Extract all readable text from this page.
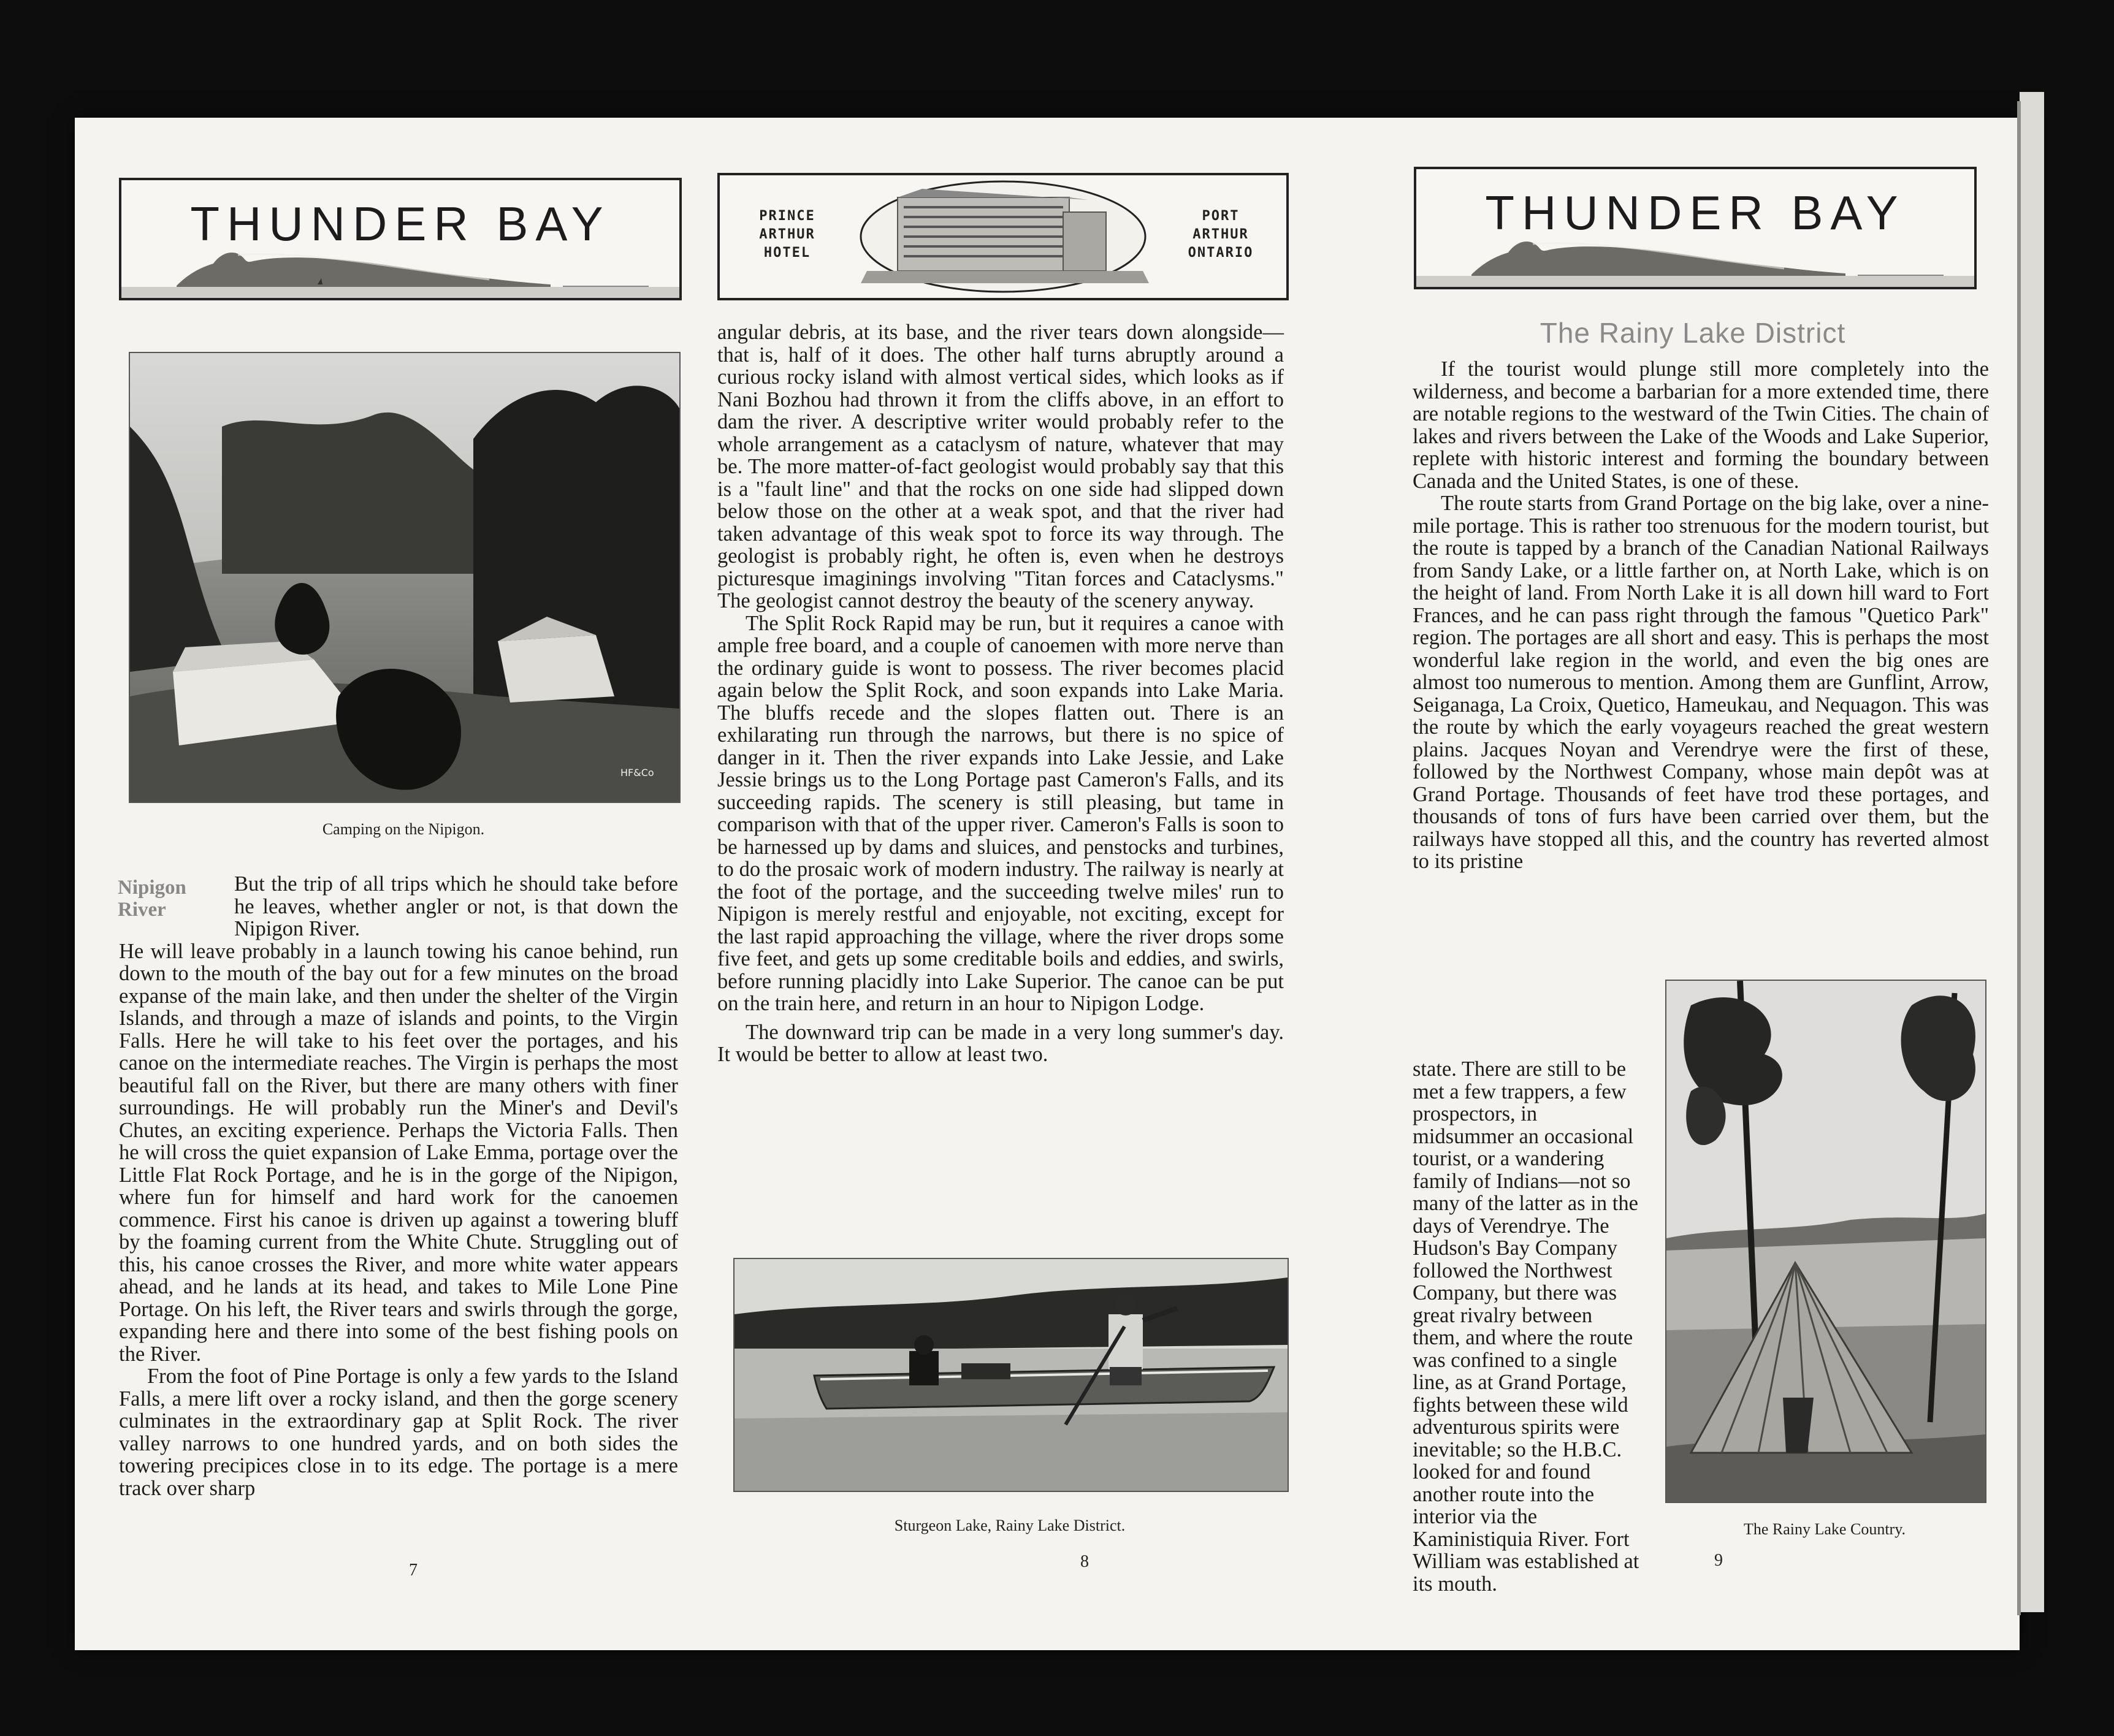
THUNDER BAY
HF&Co
Camping on the Nipigon.
Nipigon
River

But the trip of all trips which he should take before he leaves, whether angler or not, is that down the Nipigon River.

He will leave probably in a launch towing his canoe behind, run down to the mouth of the bay out for a few minutes on the broad expanse of the main lake, and then under the shelter of the Virgin Islands, and through a maze of islands and points, to the Virgin Falls. Here he will take to his feet over the portages, and his canoe on the intermediate reaches. The Virgin is perhaps the most beautiful fall on the River, but there are many others with finer surroundings. He will probably run the Miner's and Devil's Chutes, an exciting experience. Perhaps the Victoria Falls. Then he will cross the quiet expansion of Lake Emma, portage over the Little Flat Rock Portage, and he is in the gorge of the Nipigon, where fun for himself and hard work for the canoemen commence. First his canoe is driven up against a towering bluff by the foaming current from the White Chute. Struggling out of this, his canoe crosses the River, and more white water appears ahead, and he lands at its head, and takes to Mile Lone Pine Portage. On his left, the River tears and swirls through the gorge, expanding here and there into some of the best fishing pools on the River.

From the foot of Pine Portage is only a few yards to the Island Falls, a mere lift over a rocky island, and then the gorge scenery culminates in the extraordinary gap at Split Rock. The river valley narrows to one hundred yards, and on both sides the towering precipices close in to its edge. The portage is a mere track over sharp

7
PRINCE
ARTHUR
HOTEL
PORT
ARTHUR
ONTARIO

angular debris, at its base, and the river tears down alongside—that is, half of it does. The other half turns abruptly around a curious rocky island with almost vertical sides, which looks as if Nani Bozhou had thrown it from the cliffs above, in an effort to dam the river. A descriptive writer would probably refer to the whole arrangement as a cataclysm of nature, whatever that may be. The more matter-of-fact geologist would probably say that this is a "fault line" and that the rocks on one side had slipped down below those on the other at a weak spot, and that the river had taken advantage of this weak spot to force its way through. The geologist is probably right, he often is, even when he destroys picturesque imaginings involving "Titan forces and Cataclysms." The geologist cannot destroy the beauty of the scenery anyway.

The Split Rock Rapid may be run, but it requires a canoe with ample free board, and a couple of canoemen with more nerve than the ordinary guide is wont to possess. The river becomes placid again below the Split Rock, and soon expands into Lake Maria. The bluffs recede and the slopes flatten out. There is an exhilarating run through the narrows, but there is no spice of danger in it. Then the river expands into Lake Jessie, and Lake Jessie brings us to the Long Portage past Cameron's Falls, and its succeeding rapids. The scenery is still pleasing, but tame in comparison with that of the upper river. Cameron's Falls is soon to be harnessed up by dams and sluices, and penstocks and turbines, to do the prosaic work of modern industry. The railway is nearly at the foot of the portage, and the succeeding twelve miles' run to Nipigon is merely restful and enjoyable, not exciting, except for the last rapid approaching the village, where the river drops some five feet, and gets up some creditable boils and eddies, and swirls, before running placidly into Lake Superior. The canoe can be put on the train here, and return in an hour to Nipigon Lodge.

The downward trip can be made in a very long summer's day. It would be better to allow at least two.

Sturgeon Lake, Rainy Lake District.
8
THUNDER BAY
The Rainy Lake District

If the tourist would plunge still more completely into the wilderness, and become a barbarian for a more extended time, there are notable regions to the westward of the Twin Cities. The chain of lakes and rivers between the Lake of the Woods and Lake Superior, replete with historic interest and forming the boundary between Canada and the United States, is one of these.

The route starts from Grand Portage on the big lake, over a nine-mile portage. This is rather too strenuous for the modern tourist, but the route is tapped by a branch of the Canadian National Railways from Sandy Lake, or a little farther on, at North Lake, which is on the height of land. From North Lake it is all down hill ward to Fort Frances, and he can pass right through the famous "Quetico Park" region. The portages are all short and easy. This is perhaps the most wonderful lake region in the world, and even the big ones are almost too numerous to mention. Among them are Gunflint, Arrow, Seiganaga, La Croix, Quetico, Hameukau, and Nequagon. This was the route by which the early voyageurs reached the great western plains. Jacques Noyan and Verendrye were the first of these, followed by the Northwest Company, whose main depôt was at Grand Portage. Thousands of feet have trod these portages, and thousands of tons of furs have been carried over them, but the railways have stopped all this, and the country has reverted almost to its pristine

state. There are still to be met a few trappers, a few prospectors, in midsummer an occasional tourist, or a wandering family of Indians—not so many of the latter as in the days of Verendrye. The Hudson's Bay Company followed the Northwest Company, but there was great rivalry between them, and where the route was confined to a single line, as at Grand Portage, fights between these wild adventurous spirits were inevitable; so the H.B.C. looked for and found another route into the interior via the Kaministiquia River. Fort William was established at its mouth.

The Rainy Lake Country.
9
